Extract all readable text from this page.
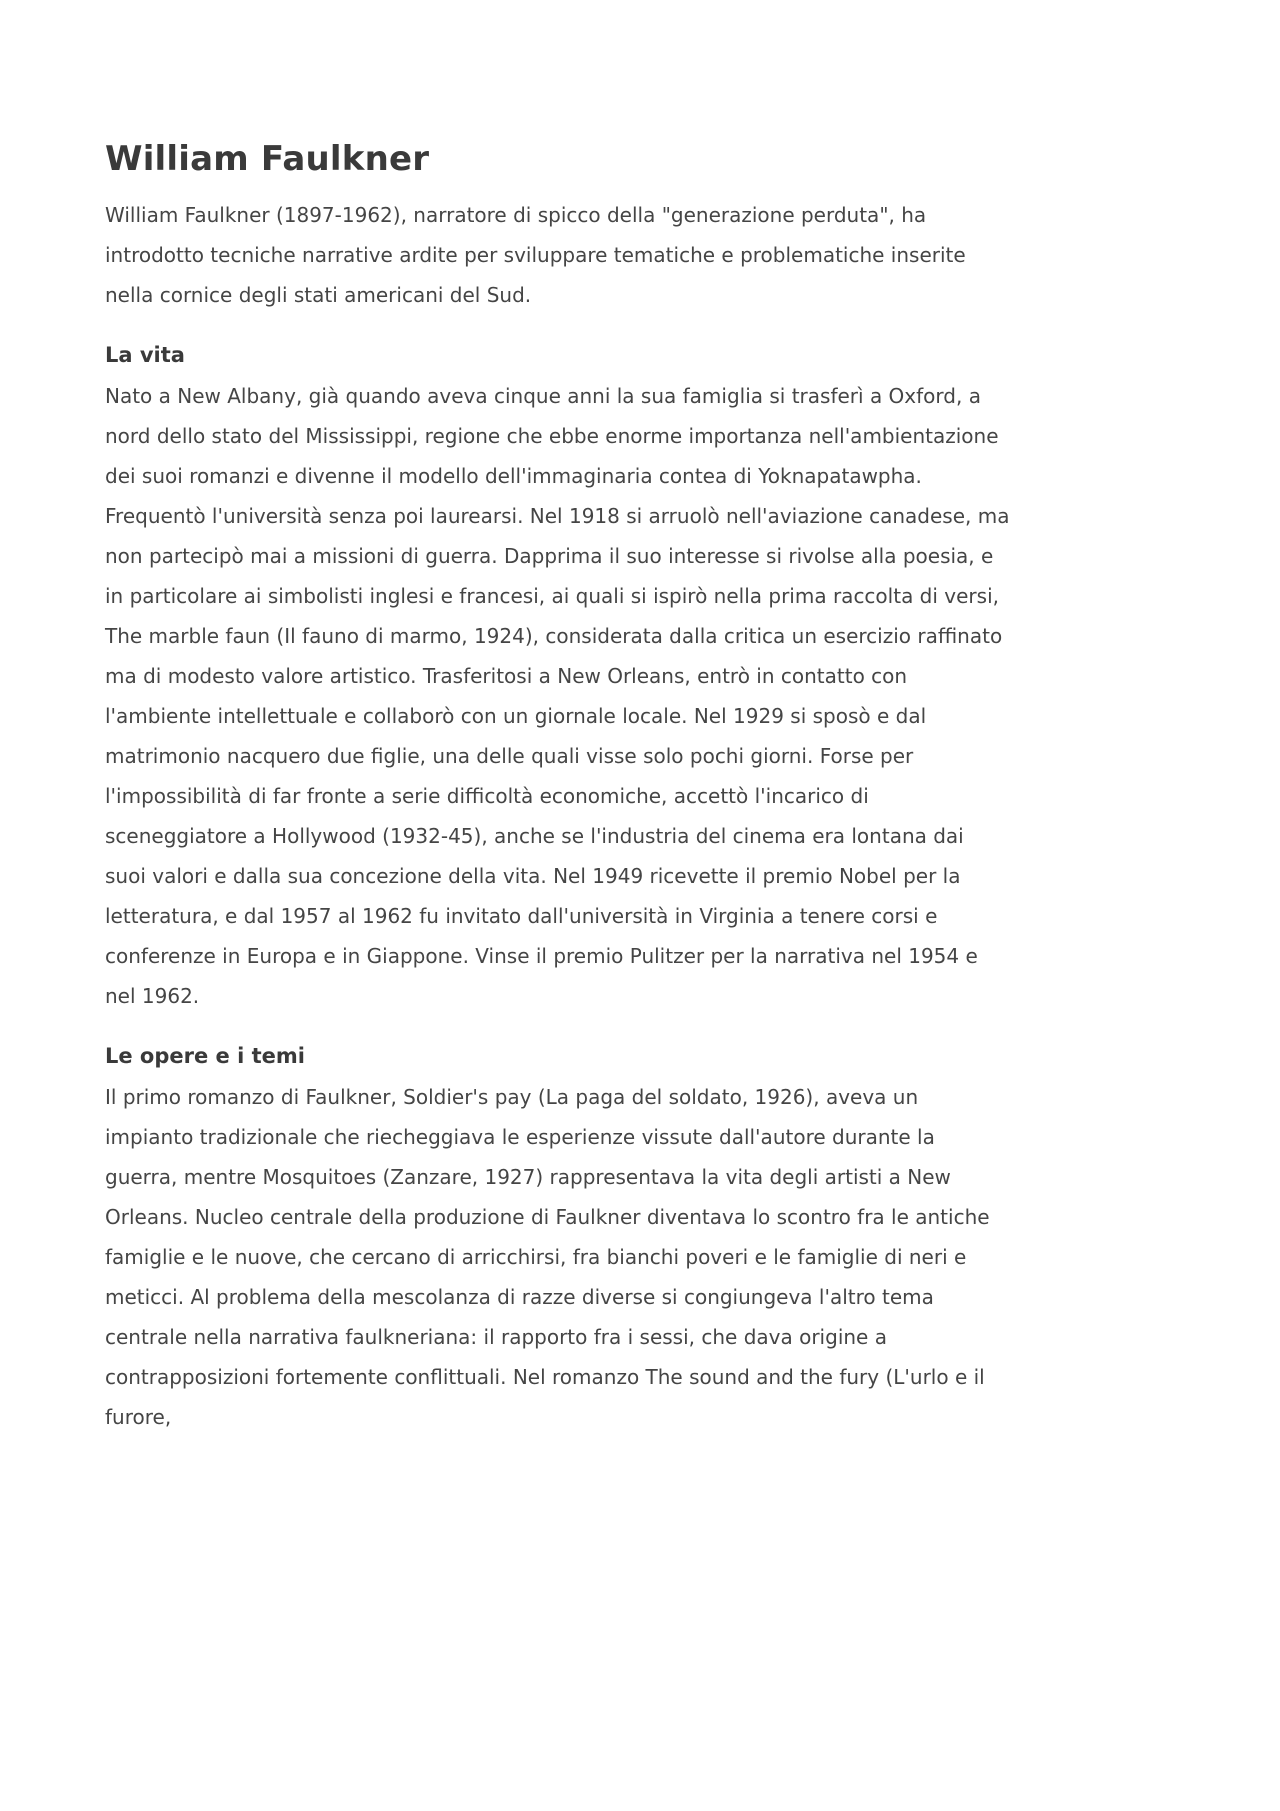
William Faulkner

William Faulkner (1897-1962), narratore di spicco della "generazione perduta", ha introdotto tecniche narrative ardite per sviluppare tematiche e problematiche inserite nella cornice degli stati americani del Sud.

La vita

Nato a New Albany, già quando aveva cinque anni la sua famiglia si trasferì a Oxford, a nord dello stato del Mississippi, regione che ebbe enorme importanza nell'ambientazione dei suoi romanzi e divenne il modello dell'immaginaria contea di Yoknapatawpha. Frequentò l'università senza poi laurearsi. Nel 1918 si arruolò nell'aviazione canadese, ma non partecipò mai a missioni di guerra. Dapprima il suo interesse si rivolse alla poesia, e in particolare ai simbolisti inglesi e francesi, ai quali si ispirò nella prima raccolta di versi, The marble faun (Il fauno di marmo, 1924), considerata dalla critica un esercizio raffinato ma di modesto valore artistico. Trasferitosi a New Orleans, entrò in contatto con l'ambiente intellettuale e collaborò con un giornale locale. Nel 1929 si sposò e dal matrimonio nacquero due figlie, una delle quali visse solo pochi giorni. Forse per l'impossibilità di far fronte a serie difficoltà economiche, accettò l'incarico di sceneggiatore a Hollywood (1932-45), anche se l'industria del cinema era lontana dai suoi valori e dalla sua concezione della vita. Nel 1949 ricevette il premio Nobel per la letteratura, e dal 1957 al 1962 fu invitato dall'università in Virginia a tenere corsi e conferenze in Europa e in Giappone. Vinse il premio Pulitzer per la narrativa nel 1954 e nel 1962.

Le opere e i temi

Il primo romanzo di Faulkner, Soldier's pay (La paga del soldato, 1926), aveva un impianto tradizionale che riecheggiava le esperienze vissute dall'autore durante la guerra, mentre Mosquitoes (Zanzare, 1927) rappresentava la vita degli artisti a New Orleans. Nucleo centrale della produzione di Faulkner diventava lo scontro fra le antiche famiglie e le nuove, che cercano di arricchirsi, fra bianchi poveri e le famiglie di neri e meticci. Al problema della mescolanza di razze diverse si congiungeva l'altro tema centrale nella narrativa faulkneriana: il rapporto fra i sessi, che dava origine a contrapposizioni fortemente conflittuali. Nel romanzo The sound and the fury (L'urlo e il furore,
